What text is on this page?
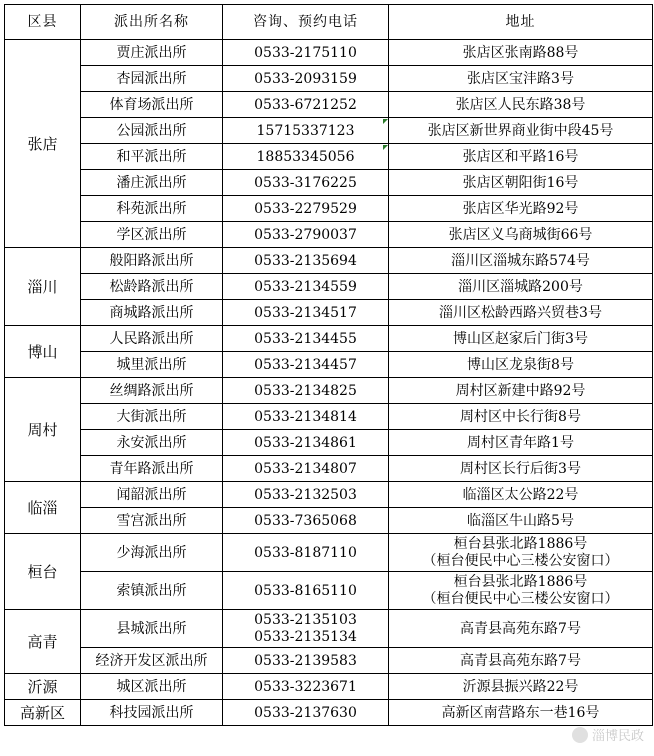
区县	派出所名称	咨询、预约电话	地址
张店	贾庄派出所	0533-2175110	张店区张南路88号

	杏园派出所	0533-2093159	张店区宝沣路3号

	体育场派出所	0533-6721252	张店区人民东路38号

	公园派出所	15715337123	张店区新世界商业街中段45号

	和平派出所	18853345056	张店区和平路16号

	潘庄派出所	0533-3176225	张店区朝阳街16号

	科苑派出所	0533-2279529	张店区华光路92号

	学区派出所	0533-2790037	张店区义乌商城街66号

淄川	般阳路派出所	0533-2135694	淄川区淄城东路574号

	松龄路派出所	0533-2134559	淄川区淄城路200号

	商城路派出所	0533-2134517	淄川区松龄西路兴贸巷3号

博山	人民路派出所	0533-2134455	博山区赵家后门街3号

	城里派出所	0533-2134457	博山区龙泉街8号

周村	丝绸路派出所	0533-2134825	周村区新建中路92号

	大街派出所	0533-2134814	周村区中长行街8号

	永安派出所	0533-2134861	周村区青年路1号

	青年路派出所	0533-2134807	周村区长行后街3号

临淄	闻韶派出所	0533-2132503	临淄区太公路22号

	雪宫派出所	0533-7365068	临淄区牛山路5号

桓台	少海派出所	0533-8187110	桓台县张北路1886号
（桓台便民中心三楼公安窗口）

	索镇派出所	0533-8165110	桓台县张北路1886号
（桓台便民中心三楼公安窗口）

高青	县城派出所	0533-2135103
0533-2135134	高青县高苑东路7号

	经济开发区派出所	0533-2139583	高青县高苑东路7号

沂源	城区派出所	0533-3223671	沂源县振兴路22号

高新区	科技园派出所	0533-2137630	高新区南营路东一巷16号
淄博民政
